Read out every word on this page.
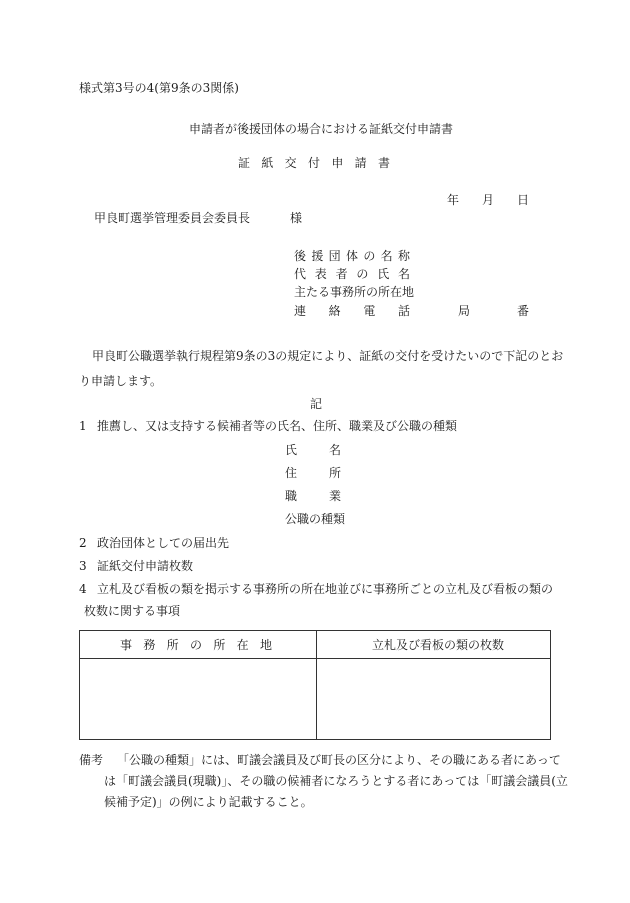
様式第3号の4(第9条の3関係)
申請者が後援団体の場合における証紙交付申請書
証 紙 交 付 申 請 書
年 月 日
甲良町選挙管理委員会委員長	様
後 援 団 体 の 名 称
代 表 者 の 氏 名
主たる事務所の所在地
連 絡 電 話	局	番
甲良町公職選挙執行規程第9条の3の規定により、証紙の交付を受けたいので下記のとお
り申請します。
記
1 推薦し、又は支持する候補者等の氏名、住所、職業及び公職の種類
氏	名
住	所
職	業
公職の種類
2 政治団体としての届出先
3 証紙交付申請枚数
4 立札及び看板の類を掲示する事務所の所在地並びに事務所ごとの立札及び看板の類の
枚数に関する事項
事 務 所 の 所 在 地	立札及び看板の類の枚数
備考 「公職の種類」には、町議会議員及び町長の区分により、その職にある者にあって
は「町議会議員(現職)」、その職の候補者になろうとする者にあっては「町議会議員(立
候補予定)」の例により記載すること。
